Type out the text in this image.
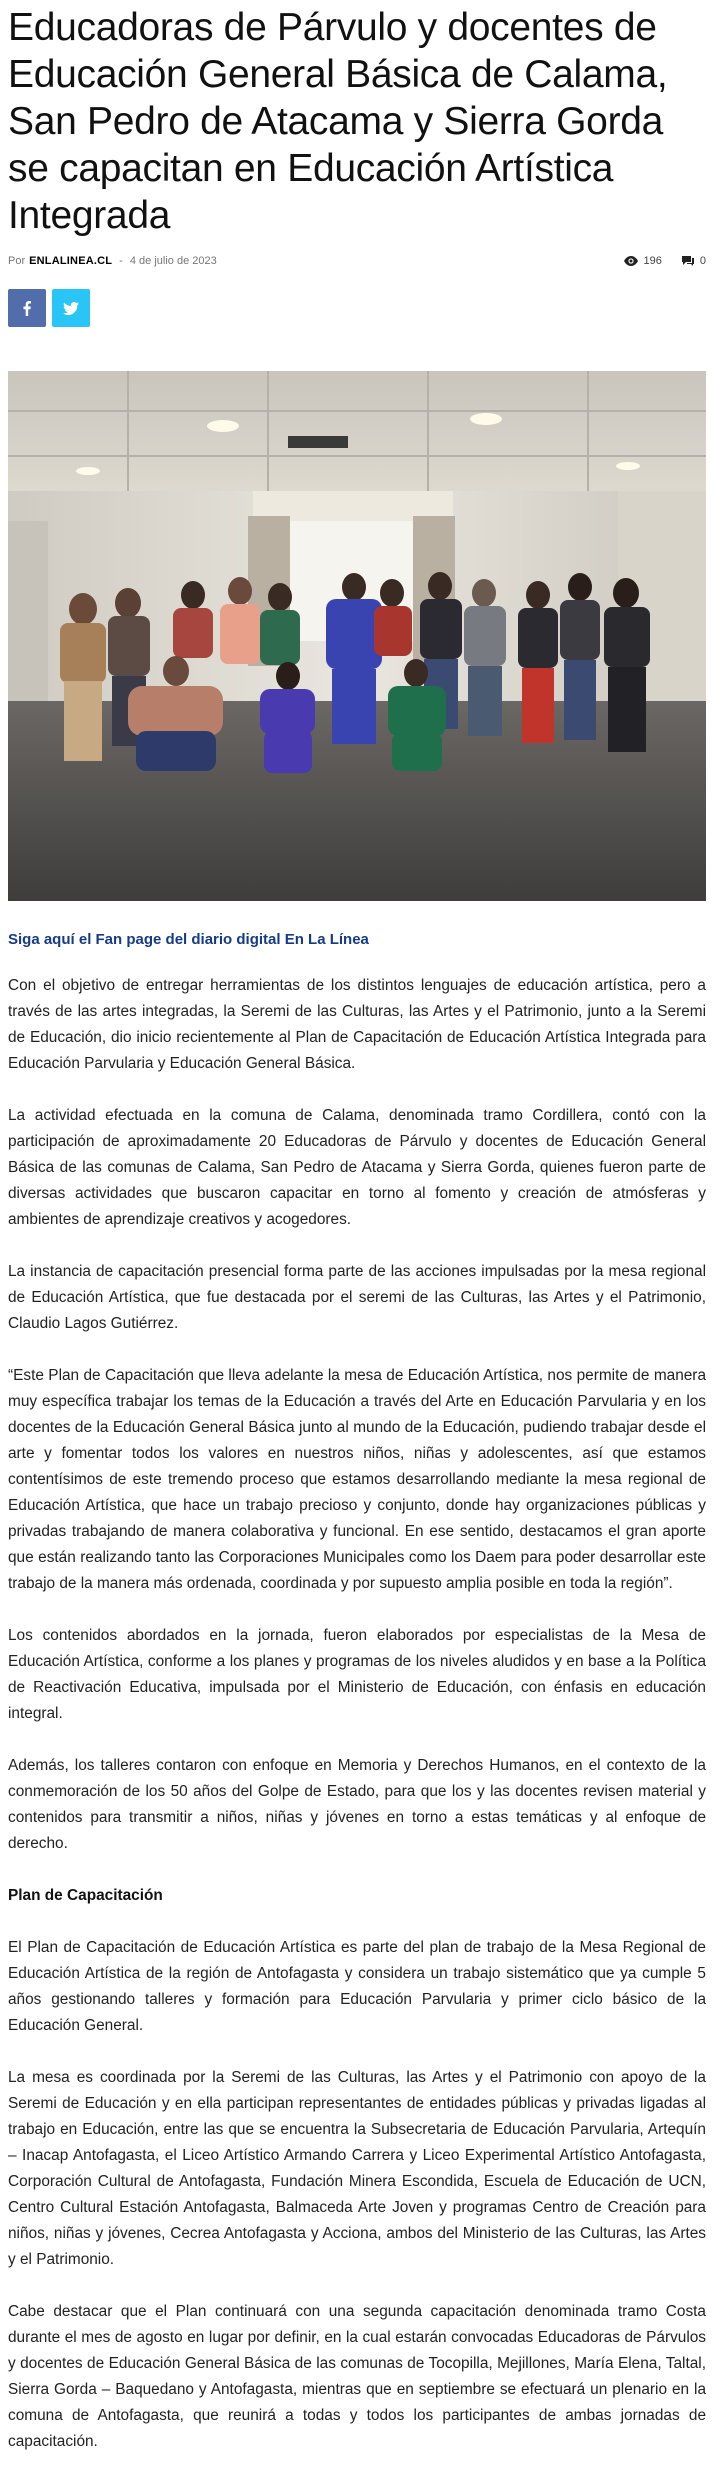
Educadoras de Párvulo y docentes de Educación General Básica de Calama, San Pedro de Atacama y Sierra Gorda se capacitan en Educación Artística Integrada
Por ENLALINEA.CL - 4 de julio de 2023	196	0
Siga aquí el Fan page del diario digital En La Línea

Con el objetivo de entregar herramientas de los distintos lenguajes de educación artística, pero a través de las artes integradas, la Seremi de las Culturas, las Artes y el Patrimonio, junto a la Seremi de Educación, dio inicio recientemente al Plan de Capacitación de Educación Artística Integrada para Educación Parvularia y Educación General Básica.

La actividad efectuada en la comuna de Calama, denominada tramo Cordillera, contó con la participación de aproximadamente 20 Educadoras de Párvulo y docentes de Educación General Básica de las comunas de Calama, San Pedro de Atacama y Sierra Gorda, quienes fueron parte de diversas actividades que buscaron capacitar en torno al fomento y creación de atmósferas y ambientes de aprendizaje creativos y acogedores.

La instancia de capacitación presencial forma parte de las acciones impulsadas por la mesa regional de Educación Artística, que fue destacada por el seremi de las Culturas, las Artes y el Patrimonio, Claudio Lagos Gutiérrez.

“Este Plan de Capacitación que lleva adelante la mesa de Educación Artística, nos permite de manera muy específica trabajar los temas de la Educación a través del Arte en Educación Parvularia y en los docentes de la Educación General Básica junto al mundo de la Educación, pudiendo trabajar desde el arte y fomentar todos los valores en nuestros niños, niñas y adolescentes, así que estamos contentísimos de este tremendo proceso que estamos desarrollando mediante la mesa regional de Educación Artística, que hace un trabajo precioso y conjunto, donde hay organizaciones públicas y privadas trabajando de manera colaborativa y funcional. En ese sentido, destacamos el gran aporte que están realizando tanto las Corporaciones Municipales como los Daem para poder desarrollar este trabajo de la manera más ordenada, coordinada y por supuesto amplia posible en toda la región”.

Los contenidos abordados en la jornada, fueron elaborados por especialistas de la Mesa de Educación Artística, conforme a los planes y programas de los niveles aludidos y en base a la Política de Reactivación Educativa, impulsada por el Ministerio de Educación, con énfasis en educación integral.

Además, los talleres contaron con enfoque en Memoria y Derechos Humanos, en el contexto de la conmemoración de los 50 años del Golpe de Estado, para que los y las docentes revisen material y contenidos para transmitir a niños, niñas y jóvenes en torno a estas temáticas y al enfoque de derecho.

Plan de Capacitación

El Plan de Capacitación de Educación Artística es parte del plan de trabajo de la Mesa Regional de Educación Artística de la región de Antofagasta y considera un trabajo sistemático que ya cumple 5 años gestionando talleres y formación para Educación Parvularia y primer ciclo básico de la Educación General.

La mesa es coordinada por la Seremi de las Culturas, las Artes y el Patrimonio con apoyo de la Seremi de Educación y en ella participan representantes de entidades públicas y privadas ligadas al trabajo en Educación, entre las que se encuentra la Subsecretaria de Educación Parvularia, Artequín – Inacap Antofagasta, el Liceo Artístico Armando Carrera y Liceo Experimental Artístico Antofagasta, Corporación Cultural de Antofagasta, Fundación Minera Escondida, Escuela de Educación de UCN, Centro Cultural Estación Antofagasta, Balmaceda Arte Joven y programas Centro de Creación para niños, niñas y jóvenes, Cecrea Antofagasta y Acciona, ambos del Ministerio de las Culturas, las Artes y el Patrimonio.

Cabe destacar que el Plan continuará con una segunda capacitación denominada tramo Costa durante el mes de agosto en lugar por definir, en la cual estarán convocadas Educadoras de Párvulos y docentes de Educación General Básica de las comunas de Tocopilla, Mejillones, María Elena, Taltal, Sierra Gorda – Baquedano y Antofagasta, mientras que en septiembre se efectuará un plenario en la comuna de Antofagasta, que reunirá a todas y todos los participantes de ambas jornadas de capacitación.
